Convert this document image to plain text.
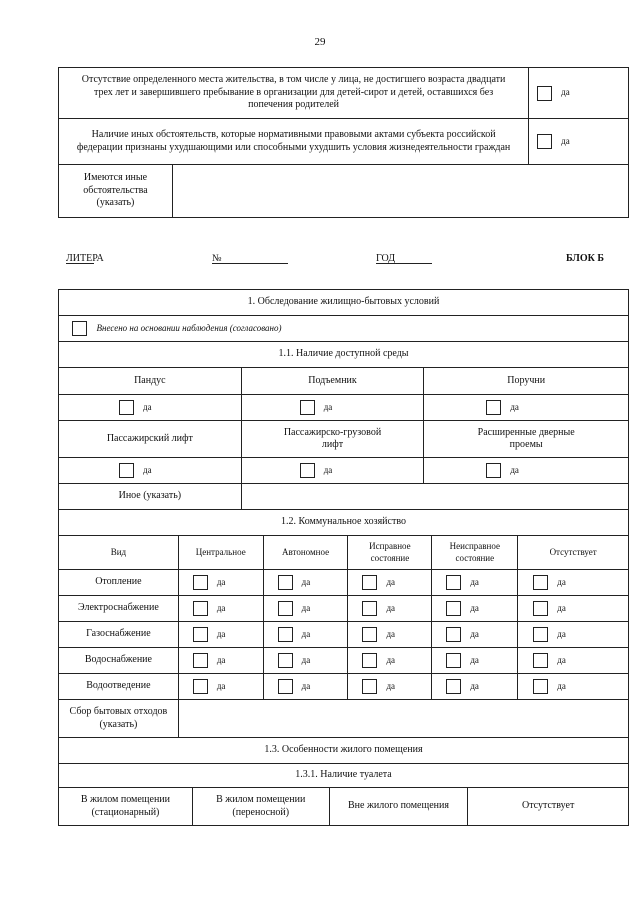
29
Отсутствие определенного места жительства, в том числе у лица, не достигшего возраста двадцати трех лет и завершившего пребывание в организации для детей-сирот и детей, оставшихся без попечения родителей		да
Наличие иных обстоятельств, которые нормативными правовыми актами субъекта российской федерации признаны ухудшающими или способными ухудшить условия жизнедеятельности граждан		да
Имеются иные обстоятельства (указать)		
ЛИТЕРА	№	ГОД	БЛОК Б
1. Обследование жилищно-бытовых условий		
Внесено на основании наблюдения (согласовано)		
1.1. Наличие доступной среды		
Пандус	Подъемник	Поручни
да	да	да
Пассажирский лифт	Пассажирско-грузовой лифт	Расширенные дверные проемы
да	да	да
Иное (указать)		
1.2. Коммунальное хозяйство					
Вид	Центральное	Автономное	Исправное состояние	Неисправное состояние	Отсутствует
Отопление	да	да	да	да	да
Электроснабжение	да	да	да	да	да
Газоснабжение	да	да	да	да	да
Водоснабжение	да	да	да	да	да
Водоотведение	да	да	да	да	да
Сбор бытовых отходов (указать)					
1.3. Особенности жилого помещения					
1.3.1. Наличие туалета					
В жилом помещении (стационарный)	В жилом помещении (переносной)	Вне жилого помещения	Отсутствует
